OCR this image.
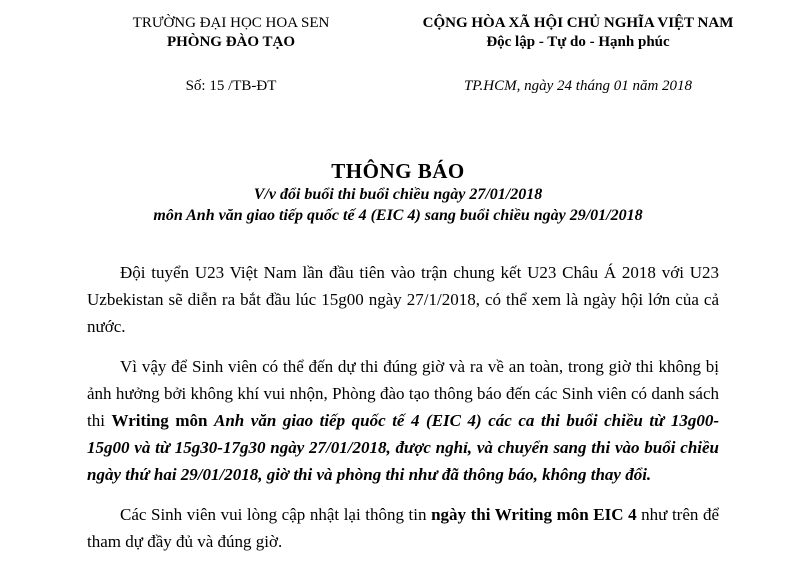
TRƯỜNG ĐẠI HỌC HOA SEN
PHÒNG ĐÀO TẠO
CỘNG HÒA XÃ HỘI CHỦ NGHĨA VIỆT NAM
Độc lập - Tự do - Hạnh phúc
Số: 15 /TB-ĐT	TP.HCM, ngày 24 tháng 01 năm 2018
THÔNG BÁO
V/v đổi buổi thi buổi chiều ngày 27/01/2018
môn Anh văn giao tiếp quốc tế 4 (EIC 4) sang buổi chiều ngày 29/01/2018

Đội tuyển U23 Việt Nam lần đầu tiên vào trận chung kết U23 Châu Á 2018 với U23 Uzbekistan sẽ diễn ra bắt đầu lúc 15g00 ngày 27/1/2018, có thể xem là ngày hội lớn của cả nước.

Vì vậy để Sinh viên có thể đến dự thi đúng giờ và ra về an toàn, trong giờ thi không bị ảnh hưởng bởi không khí vui nhộn, Phòng đào tạo thông báo đến các Sinh viên có danh sách thi Writing môn Anh văn giao tiếp quốc tế 4 (EIC 4) các ca thi buổi chiều từ 13g00-15g00 và từ 15g30-17g30 ngày 27/01/2018, được nghỉ, và chuyển sang thi vào buổi chiều ngày thứ hai 29/01/2018, giờ thi và phòng thi như đã thông báo, không thay đổi.

Các Sinh viên vui lòng cập nhật lại thông tin ngày thi Writing môn EIC 4 như trên để tham dự đầy đủ và đúng giờ.
